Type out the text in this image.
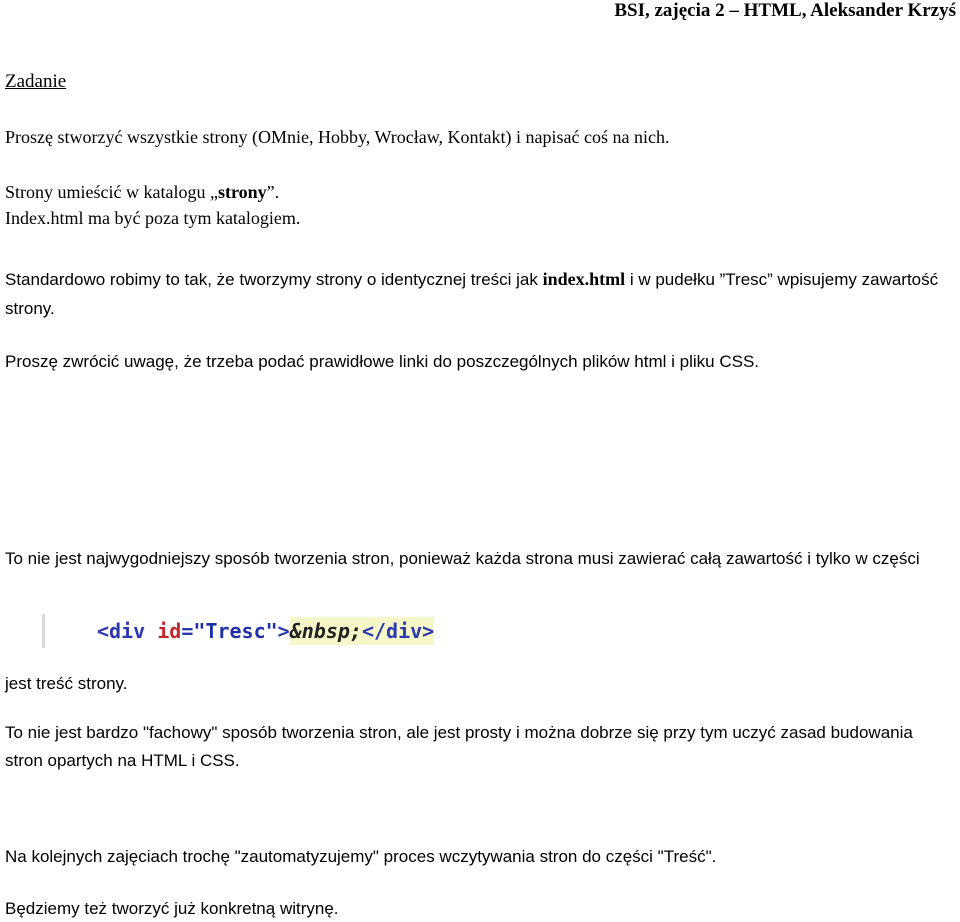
BSI, zajęcia 2 – HTML, Aleksander Krzyś
Zadanie
Proszę stworzyć wszystkie strony (OMnie, Hobby, Wrocław, Kontakt) i napisać coś na nich.
Strony umieścić w katalogu „strony”.
Index.html ma być poza tym katalogiem.
Standardowo robimy to tak, że tworzymy strony o identycznej treści jak index.html i w pudełku ”Tresc” wpisujemy zawartość strony.
Proszę zwrócić uwagę, że trzeba podać prawidłowe linki do poszczególnych plików html i pliku CSS.
To nie jest najwygodniejszy sposób tworzenia stron, ponieważ każda strona musi zawierać całą zawartość i tylko w części
<div id="Tresc">&nbsp;</div>
jest treść strony.
To nie jest bardzo "fachowy" sposób tworzenia stron, ale jest prosty i można dobrze się przy tym uczyć zasad budowania stron opartych na HTML i CSS.
Na kolejnych zajęciach trochę "zautomatyzujemy" proces wczytywania stron do części "Treść".
Będziemy też tworzyć już konkretną witrynę.
